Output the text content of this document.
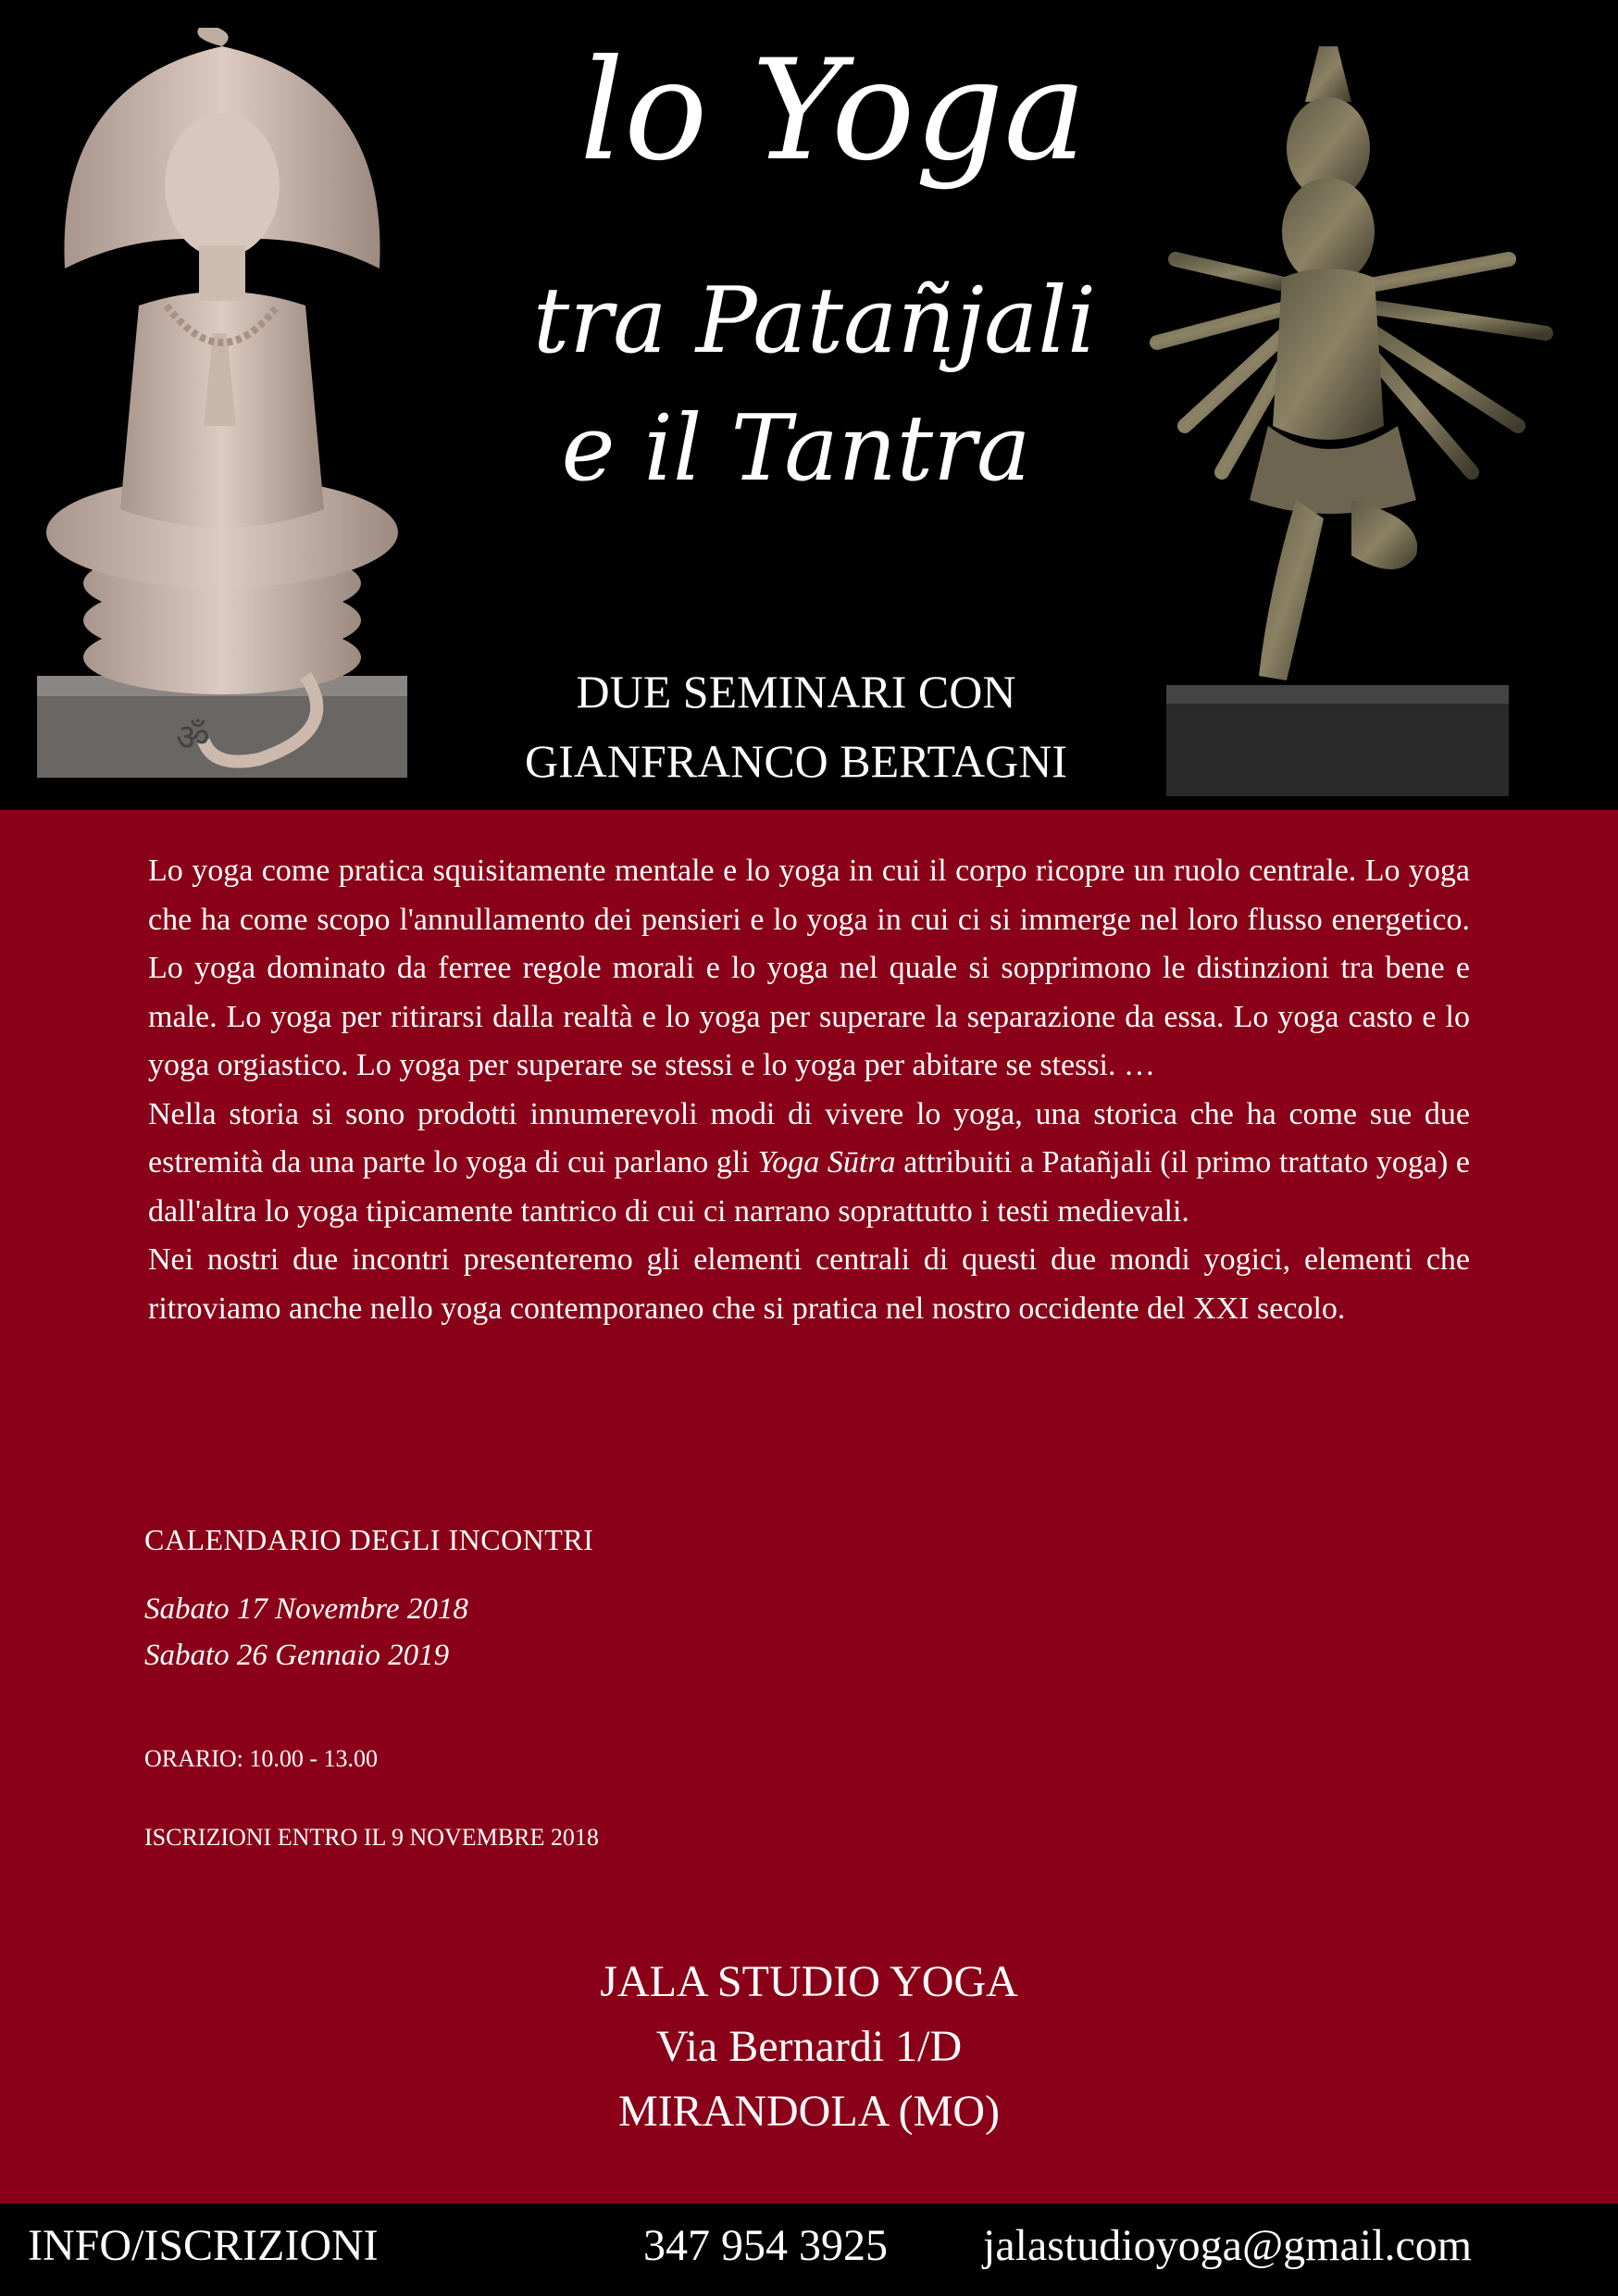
ॐ
lo Yoga
tra Patañjali
e il Tantra
DUE SEMINARI CON
GIANFRANCO BERTAGNI

Lo yoga come pratica squisitamente mentale e lo yoga in cui il corpo ricopre un ruolo centrale. Lo yoga che ha come scopo l'annullamento dei pensieri e lo yoga in cui ci si immerge nel loro flusso energetico. Lo yoga dominato da ferree regole morali e lo yoga nel quale si sopprimono le distinzioni tra bene e male. Lo yoga per ritirarsi dalla realtà e lo yoga per superare la separazione da essa. Lo yoga casto e lo yoga orgiastico. Lo yoga per superare se stessi e lo yoga per abitare se stessi. …

Nella storia si sono prodotti innumerevoli modi di vivere lo yoga, una storica che ha come sue due estremità da una parte lo yoga di cui parlano gli Yoga Sūtra attribuiti a Patañjali (il primo trattato yoga) e dall'altra lo yoga tipicamente tantrico di cui ci narrano soprattutto i testi medievali.

Nei nostri due incontri presenteremo gli elementi centrali di questi due mondi yogici, elementi che ritroviamo anche nello yoga contemporaneo che si pratica nel nostro occidente del XXI secolo.

CALENDARIO DEGLI INCONTRI
Sabato 17 Novembre 2018
Sabato 26 Gennaio 2019
ORARIO: 10.00 - 13.00
ISCRIZIONI ENTRO IL 9 NOVEMBRE 2018
JALA STUDIO YOGA
Via Bernardi 1/D
MIRANDOLA (MO)
INFO/ISCRIZIONI	347 954 3925 jalastudioyoga@gmail.com
